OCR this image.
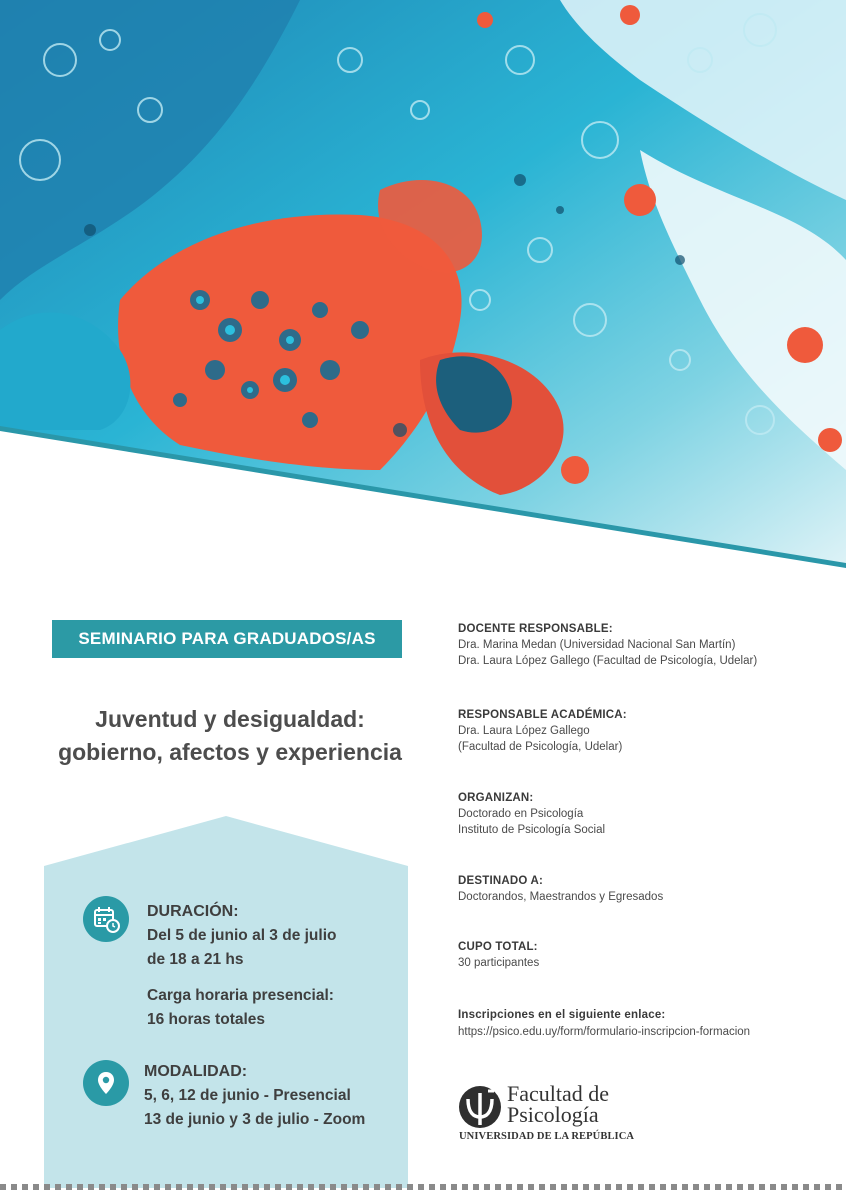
SEMINARIO PARA GRADUADOS/AS
Juventud y desigualdad:
gobierno, afectos y experiencia
DURACIÓN:
Del 5 de junio al 3 de julio
de 18 a 21 hs
Carga horaria presencial:
16 horas totales
MODALIDAD:
5, 6, 12 de junio - Presencial
13 de junio y 3 de julio - Zoom
DOCENTE RESPONSABLE:
Dra. Marina Medan (Universidad Nacional San Martín)
Dra. Laura López Gallego (Facultad de Psicología, Udelar)
RESPONSABLE ACADÉMICA:
Dra. Laura López Gallego
(Facultad de Psicología, Udelar)
ORGANIZAN:
Doctorado en Psicología
Instituto de Psicología Social
DESTINADO A:
Doctorandos, Maestrandos y Egresados
CUPO TOTAL:
30 participantes
Inscripciones en el siguiente enlace:
https://psico.edu.uy/form/formulario-inscripcion-formacion
Facultad de
Psicología
UNIVERSIDAD DE LA REPÚBLICA
